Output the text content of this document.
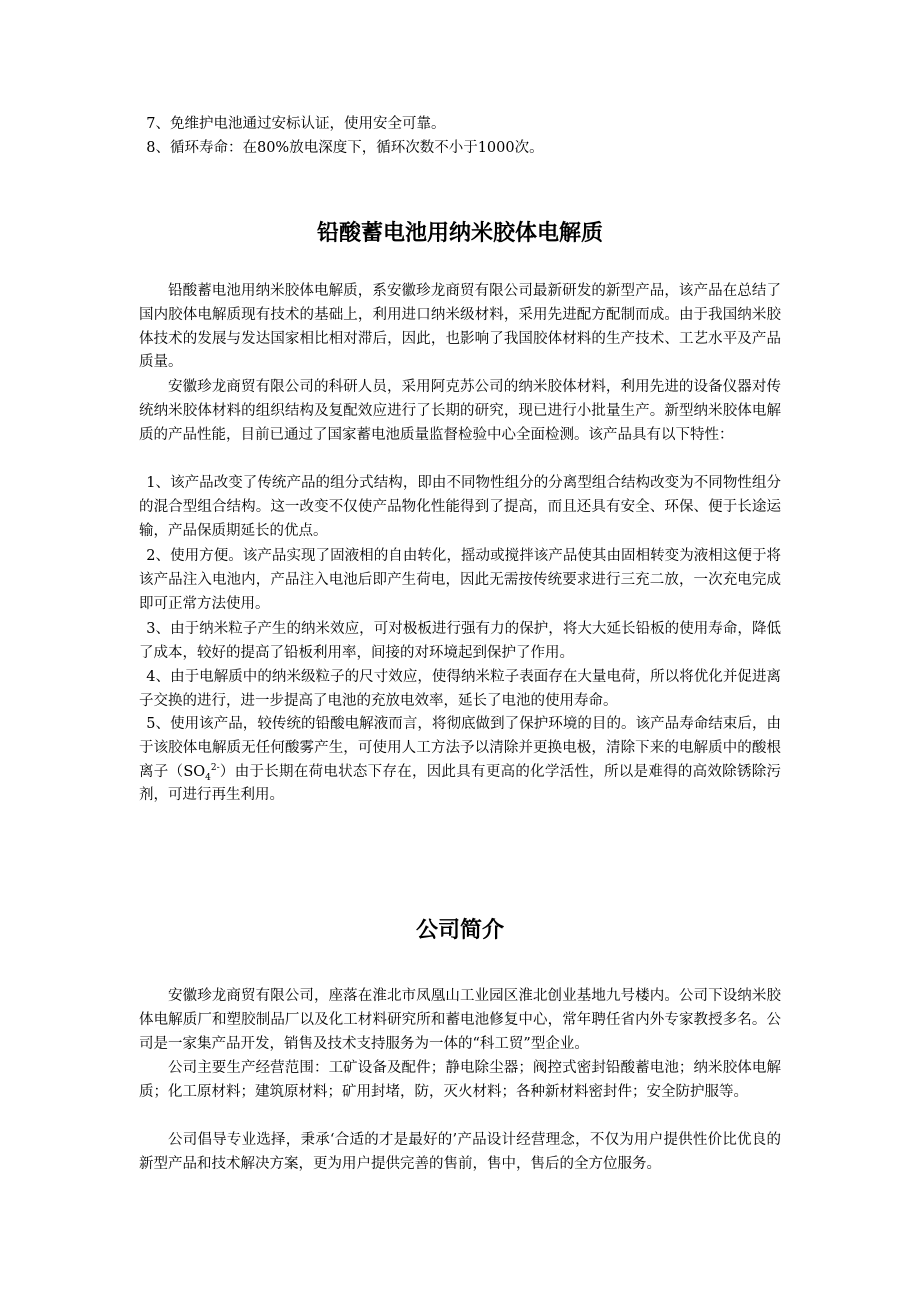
7、免维护电池通过安标认证，使用安全可靠。
8、循环寿命：在80%放电深度下，循环次数不小于1000次。
铅酸蓄电池用纳米胶体电解质
铅酸蓄电池用纳米胶体电解质，系安徽珍龙商贸有限公司最新研发的新型产品，该产品在总结了国内胶体电解质现有技术的基础上，利用进口纳米级材料，采用先进配方配制而成。由于我国纳米胶体技术的发展与发达国家相比相对滞后，因此，也影响了我国胶体材料的生产技术、工艺水平及产品质量。
安徽珍龙商贸有限公司的科研人员，采用阿克苏公司的纳米胶体材料，利用先进的设备仪器对传统纳米胶体材料的组织结构及复配效应进行了长期的研究，现已进行小批量生产。新型纳米胶体电解质的产品性能，目前已通过了国家蓄电池质量监督检验中心全面检测。该产品具有以下特性：
1、该产品改变了传统产品的组分式结构，即由不同物性组分的分离型组合结构改变为不同物性组分的混合型组合结构。这一改变不仅使产品物化性能得到了提高，而且还具有安全、环保、便于长途运输，产品保质期延长的优点。
2、使用方便。该产品实现了固液相的自由转化，摇动或搅拌该产品使其由固相转变为液相这便于将该产品注入电池内，产品注入电池后即产生荷电，因此无需按传统要求进行三充二放，一次充电完成即可正常方法使用。
3、由于纳米粒子产生的纳米效应，可对极板进行强有力的保护，将大大延长铅板的使用寿命，降低了成本，较好的提高了铅板利用率，间接的对环境起到保护了作用。
4、由于电解质中的纳米级粒子的尺寸效应，使得纳米粒子表面存在大量电荷，所以将优化并促进离子交换的进行，进一步提高了电池的充放电效率，延长了电池的使用寿命。
5、使用该产品，较传统的铅酸电解液而言，将彻底做到了保护环境的目的。该产品寿命结束后，由于该胶体电解质无任何酸雾产生，可使用人工方法予以清除并更换电极，清除下来的电解质中的酸根离子$(SO_4^{2-})$由于长期在荷电状态下存在，因此具有更高的化学活性，所以是难得的高效除锈除污剂，可进行再生利用。
公司简介
安徽珍龙商贸有限公司，座落在淮北市凤凰山工业园区淮北创业基地九号楼内。公司下设纳米胶体电解质厂和塑胶制品厂以及化工材料研究所和蓄电池修复中心，常年聘任省内外专家教授多名。公司是一家集产品开发，销售及技术支持服务为一体的“科工贸”型企业。
公司主要生产经营范围：工矿设备及配件；静电除尘器；阀控式密封铅酸蓄电池；纳米胶体电解质；化工原材料；建筑原材料；矿用封堵，防，灭火材料；各种新材料密封件；安全防护服等。
公司倡导专业选择，秉承‘合适的才是最好的’产品设计经营理念，不仅为用户提供性价比优良的新型产品和技术解决方案，更为用户提供完善的售前，售中，售后的全方位服务。
